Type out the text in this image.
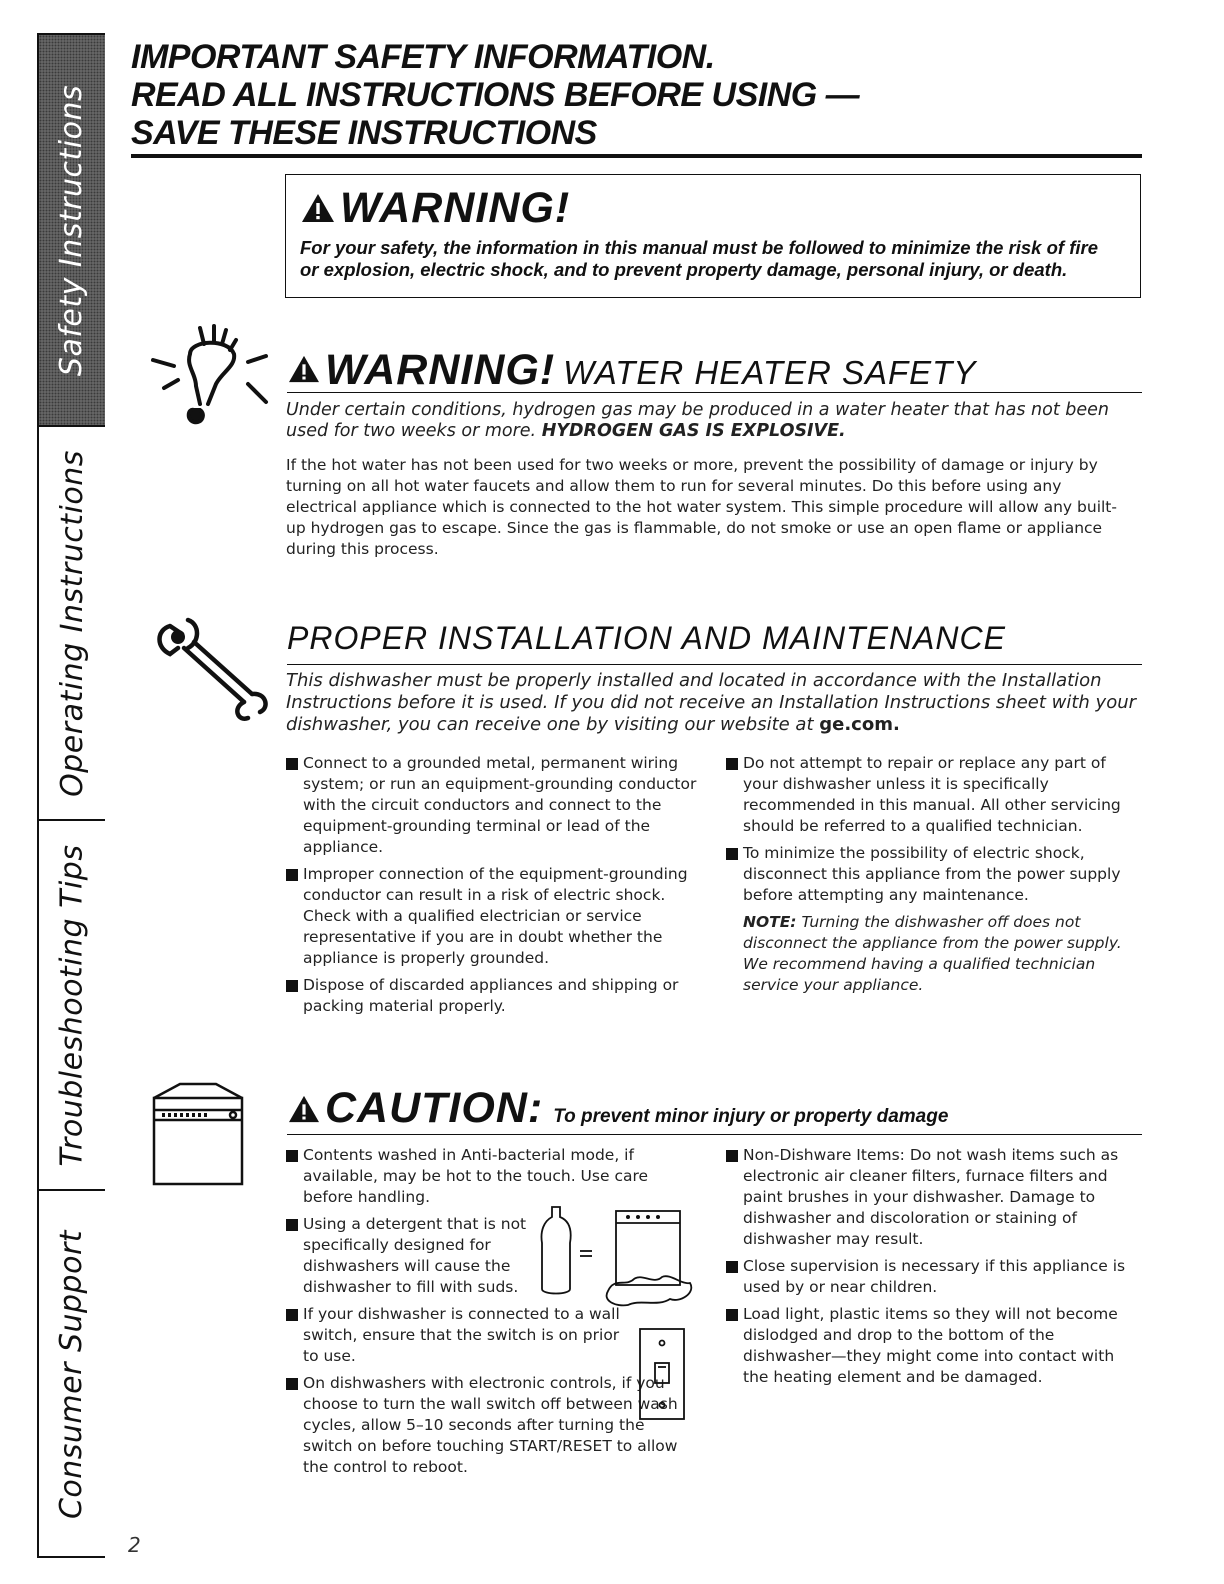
Safety Instructions
Operating Instructions
Troubleshooting Tips
Consumer Support
2
IMPORTANT SAFETY INFORMATION.
READ ALL INSTRUCTIONS BEFORE USING —
SAVE THESE INSTRUCTIONS
WARNING!
For your safety, the information in this manual must be followed to minimize the risk of fire or explosion, electric shock, and to prevent property damage, personal injury, or death.
WARNING! WATER HEATER SAFETY
Under certain conditions, hydrogen gas may be produced in a water heater that has not been used for two weeks or more. HYDROGEN GAS IS EXPLOSIVE.
If the hot water has not been used for two weeks or more, prevent the possibility of damage or injury by turning on all hot water faucets and allow them to run for several minutes. Do this before using any electrical appliance which is connected to the hot water system. This simple procedure will allow any built-up hydrogen gas to escape. Since the gas is flammable, do not smoke or use an open flame or appliance during this process.
PROPER INSTALLATION AND MAINTENANCE
This dishwasher must be properly installed and located in accordance with the Installation Instructions before it is used. If you did not receive an Installation Instructions sheet with your dishwasher, you can receive one by visiting our website at ge.com.
Connect to a grounded metal, permanent wiring system; or run an equipment-grounding conductor with the circuit conductors and connect to the equipment-grounding terminal or lead of the appliance.
Improper connection of the equipment-grounding conductor can result in a risk of electric shock. Check with a qualified electrician or service representative if you are in doubt whether the appliance is properly grounded.
Dispose of discarded appliances and shipping or packing material properly.
Do not attempt to repair or replace any part of your dishwasher unless it is specifically recommended in this manual. All other servicing should be referred to a qualified technician.
To minimize the possibility of electric shock, disconnect this appliance from the power supply before attempting any maintenance.
NOTE: Turning the dishwasher off does not disconnect the appliance from the power supply. We recommend having a qualified technician service your appliance.
CAUTION: To prevent minor injury or property damage
Contents washed in Anti-bacterial mode, if available, may be hot to the touch. Use care before handling.
Using a detergent that is not specifically designed for dishwashers will cause the dishwasher to fill with suds.
If your dishwasher is connected to a wall switch, ensure that the switch is on prior to use.
On dishwashers with electronic controls, if you choose to turn the wall switch off between wash cycles, allow 5–10 seconds after turning the switch on before touching START/RESET to allow the control to reboot.
Non-Dishware Items: Do not wash items such as electronic air cleaner filters, furnace filters and paint brushes in your dishwasher. Damage to dishwasher and discoloration or staining of dishwasher may result.
Close supervision is necessary if this appliance is used by or near children.
Load light, plastic items so they will not become dislodged and drop to the bottom of the dishwasher—they might come into contact with the heating element and be damaged.
